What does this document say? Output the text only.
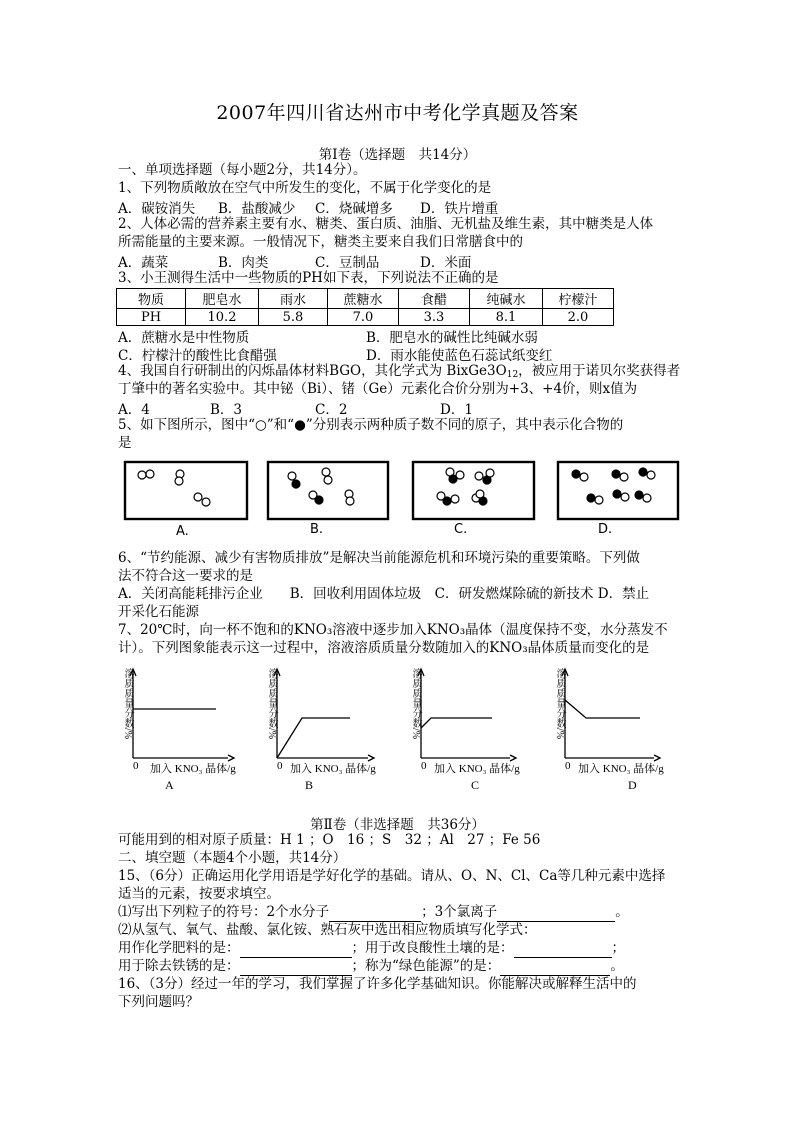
2007年四川省达州市中考化学真题及答案
第Ⅰ卷（选择题　共14分）
一、单项选择题（每小题2分，共14分）。
1、下列物质敞放在空气中所发生的变化，不属于化学变化的是
A．碳铵消失 B．盐酸减少 C．烧碱增多 D．铁片增重
2、人体必需的营养素主要有水、糖类、蛋白质、油脂、无机盐及维生素，其中糖类是人体
所需能量的主要来源。一般情况下，糖类主要来自我们日常膳食中的
A．蔬菜	B．肉类	C．豆制品	D．米面
3、小王测得生活中一些物质的PH如下表，下列说法不正确的是
物质	肥皂水	雨水	蔗糖水	食醋	纯碱水	柠檬汁
PH	10.2	5.8	7.0	3.3	8.1	2.0
A．蔗糖水是中性物质	B．肥皂水的碱性比纯碱水弱
C．柠檬汁的酸性比食醋强	D．雨水能使蓝色石蕊试纸变红
4、我国自行研制出的闪烁晶体材料BGO，其化学式为 $BixGe3O_{12}$，被应用于诺贝尔奖获得者
丁肇中的著名实验中。其中铋（Bi）、锗（Ge）元素化合价分别为+3、+4价，则x值为
A．4	B．3	C．2	D．1
5、如下图所示，图中“○”和“●”分别表示两种质子数不同的原子，其中表示化合物的
是
A.	B.	C.	D.
6、“节约能源、减少有害物质排放”是解决当前能源危机和环境污染的重要策略。下列做
法不符合这一要求的是
A．关闭高能耗排污企业　　B．回收利用固体垃圾　C．研发燃煤除硫的新技术 D．禁止
开采化石能源
7、20℃时，向一杯不饱和的KNO₃溶液中逐步加入KNO₃晶体（温度保持不变，水分蒸发不
计）。下列图象能表示这一过程中，溶液溶质质量分数随加入的KNO₃晶体质量而变化的是
溶质质量分数/%	溶质质量分数/%	溶质质量分数/%	溶质质量分数/%
0 加入 KNO₃ 晶体/g	0 加入 KNO₃ 晶体/g	0 加入 KNO₃ 晶体/g	0 加入 KNO₃ 晶体/g
A	B	C	D
第Ⅱ卷（非选择题　共36分）
可能用到的相对原子质量：H 1 ；O　16 ；S　32 ；Al　27 ；Fe 56
二、填空题（本题4个小题，共14分）
15、（6分）正确运用化学用语是学好化学的基础。请从、O、N、Cl、Ca等几种元素中选择
适当的元素，按要求填空。
⑴写出下列粒子的符号：2个水分子	；3个氯离子	。
⑵从氢气、氧气、盐酸、氯化铵、熟石灰中选出相应物质填写化学式：
用作化学肥料的是：	；用于改良酸性土壤的是：	；
用于除去铁锈的是：	；称为“绿色能源”的是：	。
16、（3分）经过一年的学习，我们掌握了许多化学基础知识。你能解决或解释生活中的
下列问题吗？
